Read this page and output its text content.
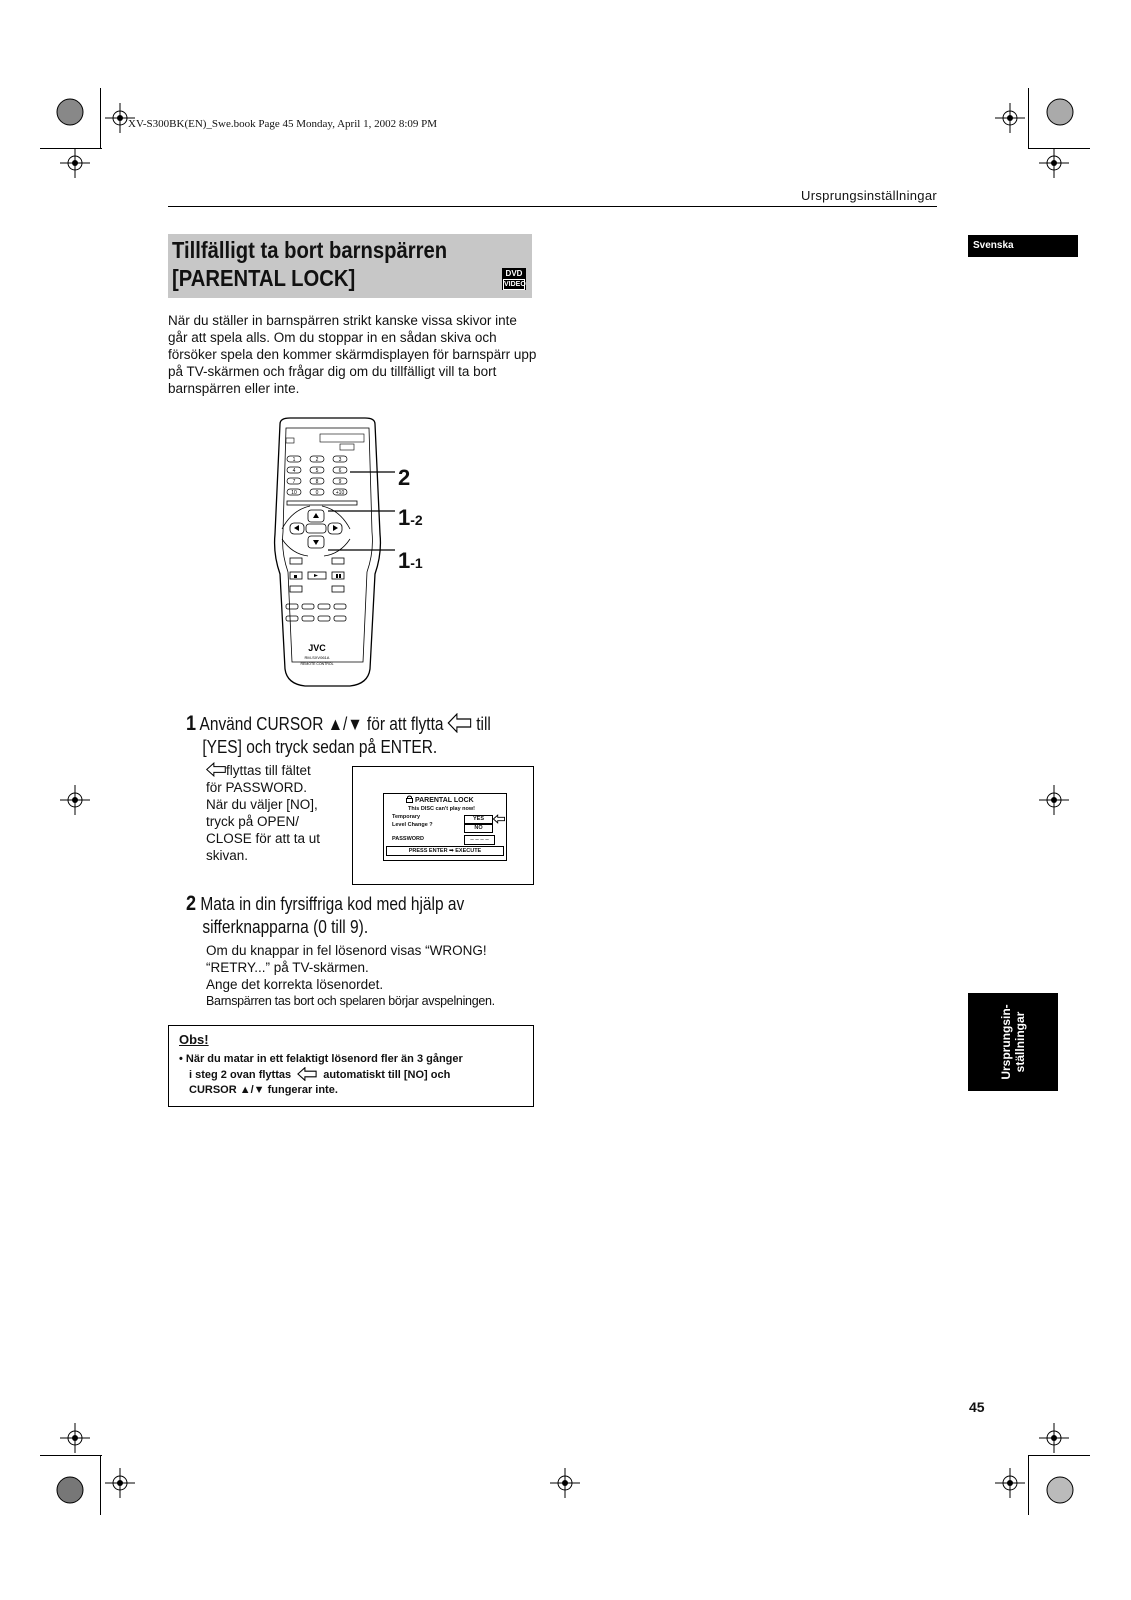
XV-S300BK(EN)_Swe.book Page 45 Monday, April 1, 2002 8:09 PM
Ursprungsinställningar
Svenska
Tillfälligt ta bort barnspärren
[PARENTAL LOCK]	DVD
VIDEO
När du ställer in barnspärren strikt kanske vissa skivor inte går att spela alls. Om du stoppar in en sådan skiva och försöker spela den kommer skärmdisplayen för barnspärr upp på TV-skärmen och frågar dig om du tillfälligt vill ta bort barnspärren eller inte.
1	2	3
4	5	6
7	8	9
10	0	+10
JVC
RM-SXV061A
REMOTE CONTROL
2
1-2
1-1
1 Använd CURSOR ▲/▼ för att flytta till
[YES] och tryck sedan på ENTER.
flyttas till fältet
för PASSWORD.
När du väljer [NO],
tryck på OPEN/
CLOSE för att ta ut
skivan.
PARENTAL LOCK
This DISC can't play now!
Temporary
Level Change ?
YES
NO
PASSWORD	– – – –
PRESS ENTER ➡ EXECUTE
2 Mata in din fyrsiffriga kod med hjälp av
sifferknapparna (0 till 9).
Om du knappar in fel lösenord visas “WRONG!
“RETRY...” på TV-skärmen.
Ange det korrekta lösenordet.
Barnspärren tas bort och spelaren börjar avspelningen.
Obs!
• När du matar in ett felaktigt lösenord fler än 3 gånger
i steg 2 ovan flyttas	automatiskt till [NO] och
CURSOR ▲/▼ fungerar inte.
Ursprungsin- ställningar
45
